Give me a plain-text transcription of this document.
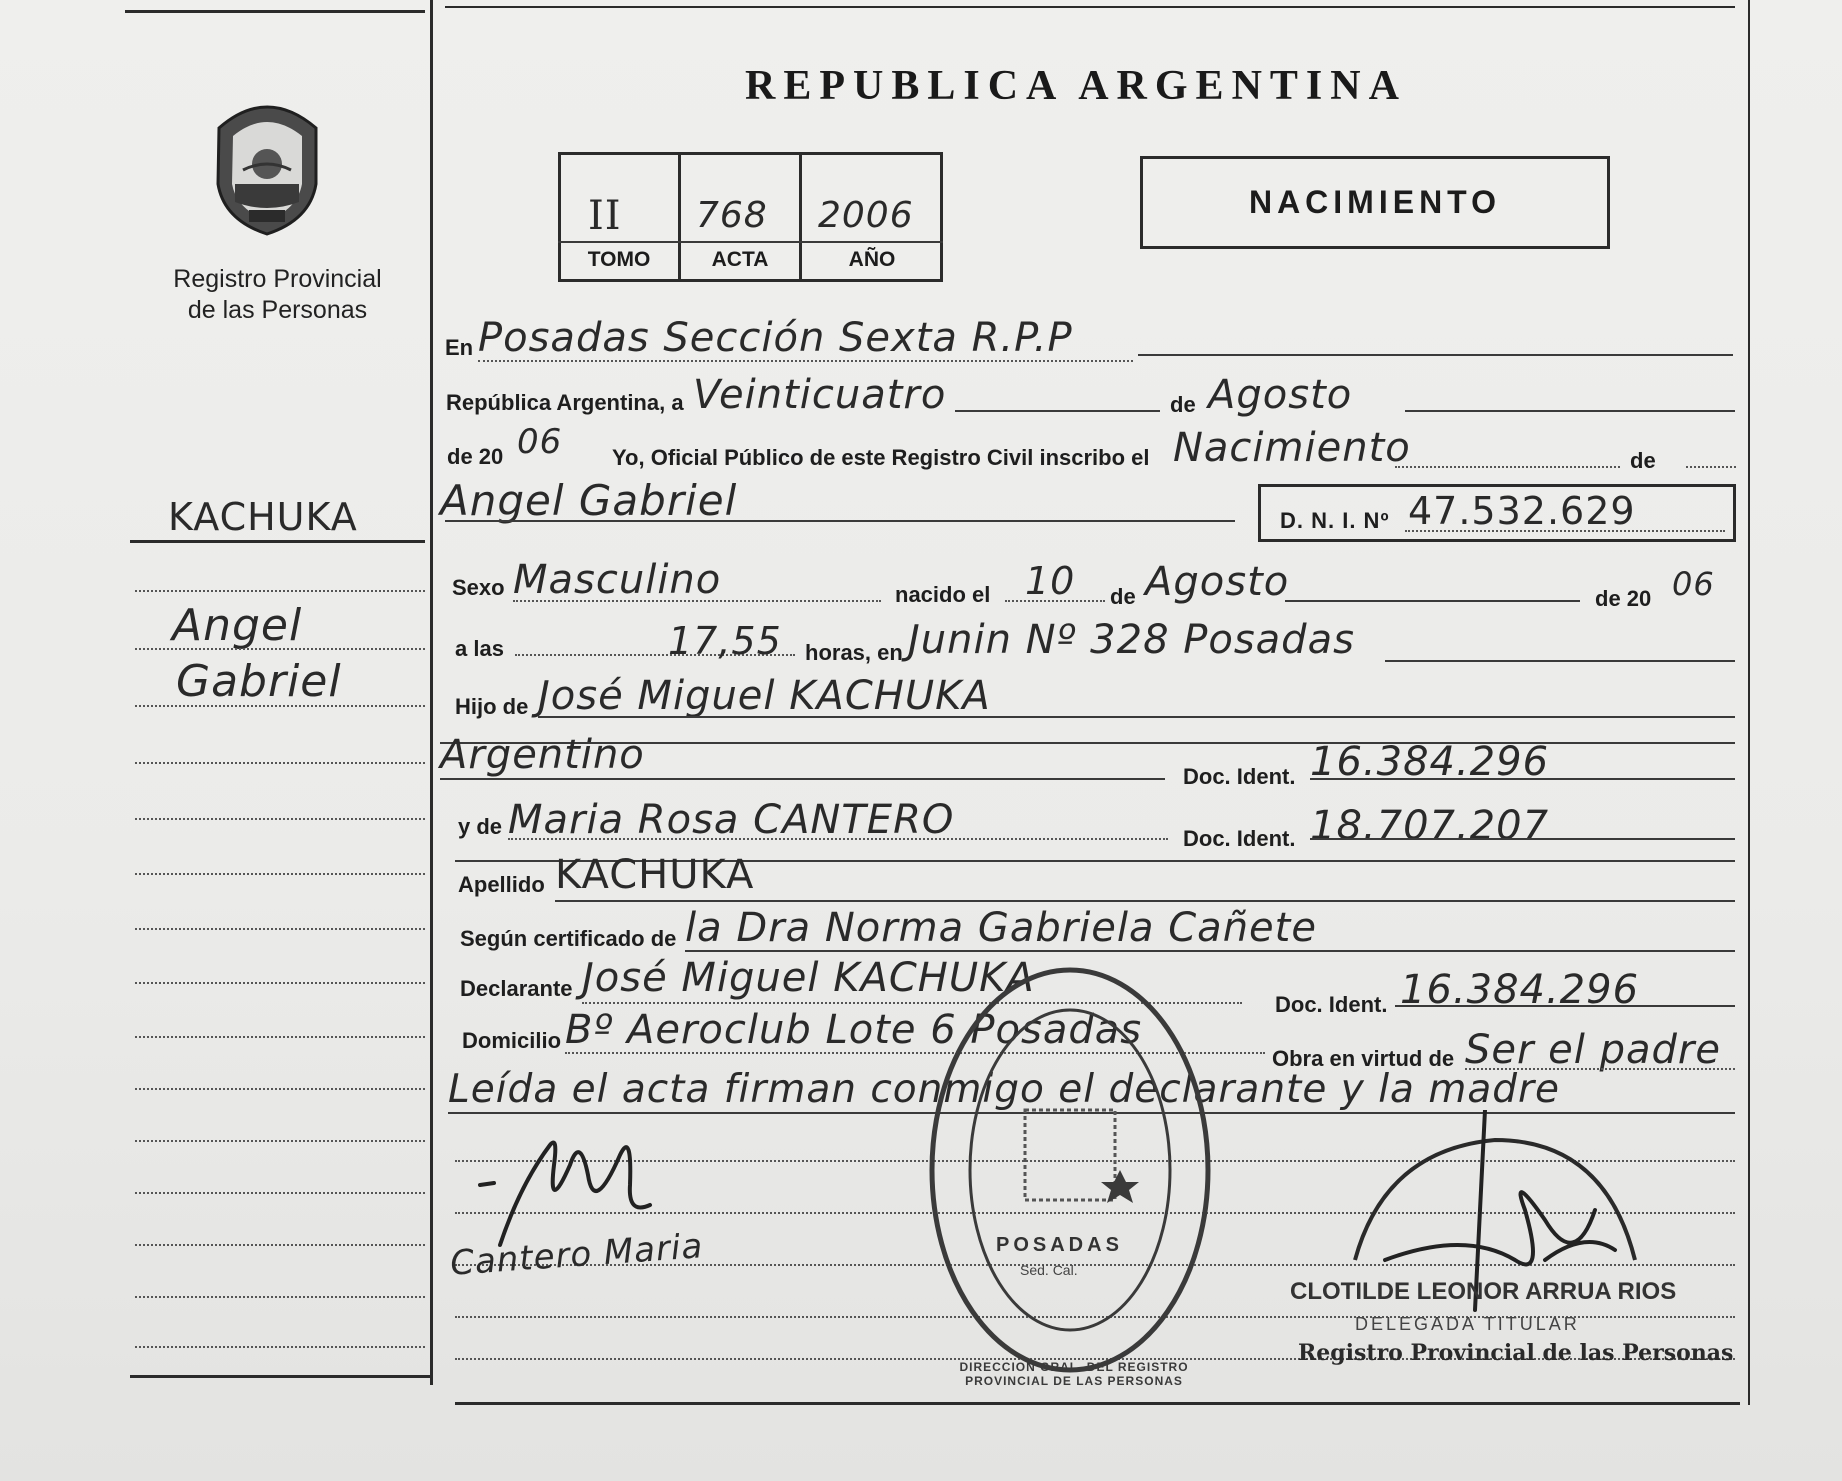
Registro Provincial
de las Personas
KACHUKA
Angel
Gabriel
REPUBLICA ARGENTINA
II 768 2006
TOMO	ACTA	AÑO
NACIMIENTO
En Posadas Sección Sexta R.P.P
República Argentina, a Veinticuatro	de Agosto
de 20 06 Yo, Oficial Público de este Registro Civil inscribo el Nacimiento	de
Angel Gabriel	D. N. I. Nº 47.532.629
Sexo Masculino	nacido el 10 de Agosto	de 20 06
a las	17,55 horas, en Junin Nº 328 Posadas
Hijo de José Miguel KACHUKA
Argentino	Doc. Ident. 16.384.296
y de Maria Rosa CANTERO	Doc. Ident. 18.707.207
Apellido KACHUKA
Según certificado de la Dra Norma Gabriela Cañete
Declarante José Miguel KACHUKA
Doc. Ident. 16.384.296
Domicilio Bº Aeroclub Lote 6 Posadas
Obra en virtud de Ser el padre
Leída el acta firman conmigo el declarante y la madre
Cantero Maria	POSADAS
Sed. Cal.
DIRECCION GRAL. DEL REGISTRO PROVINCIAL DE LAS PERSONAS
CLOTILDE LEONOR ARRUA RIOS
DELEGADA TITULAR
Registro Provincial de las Personas
